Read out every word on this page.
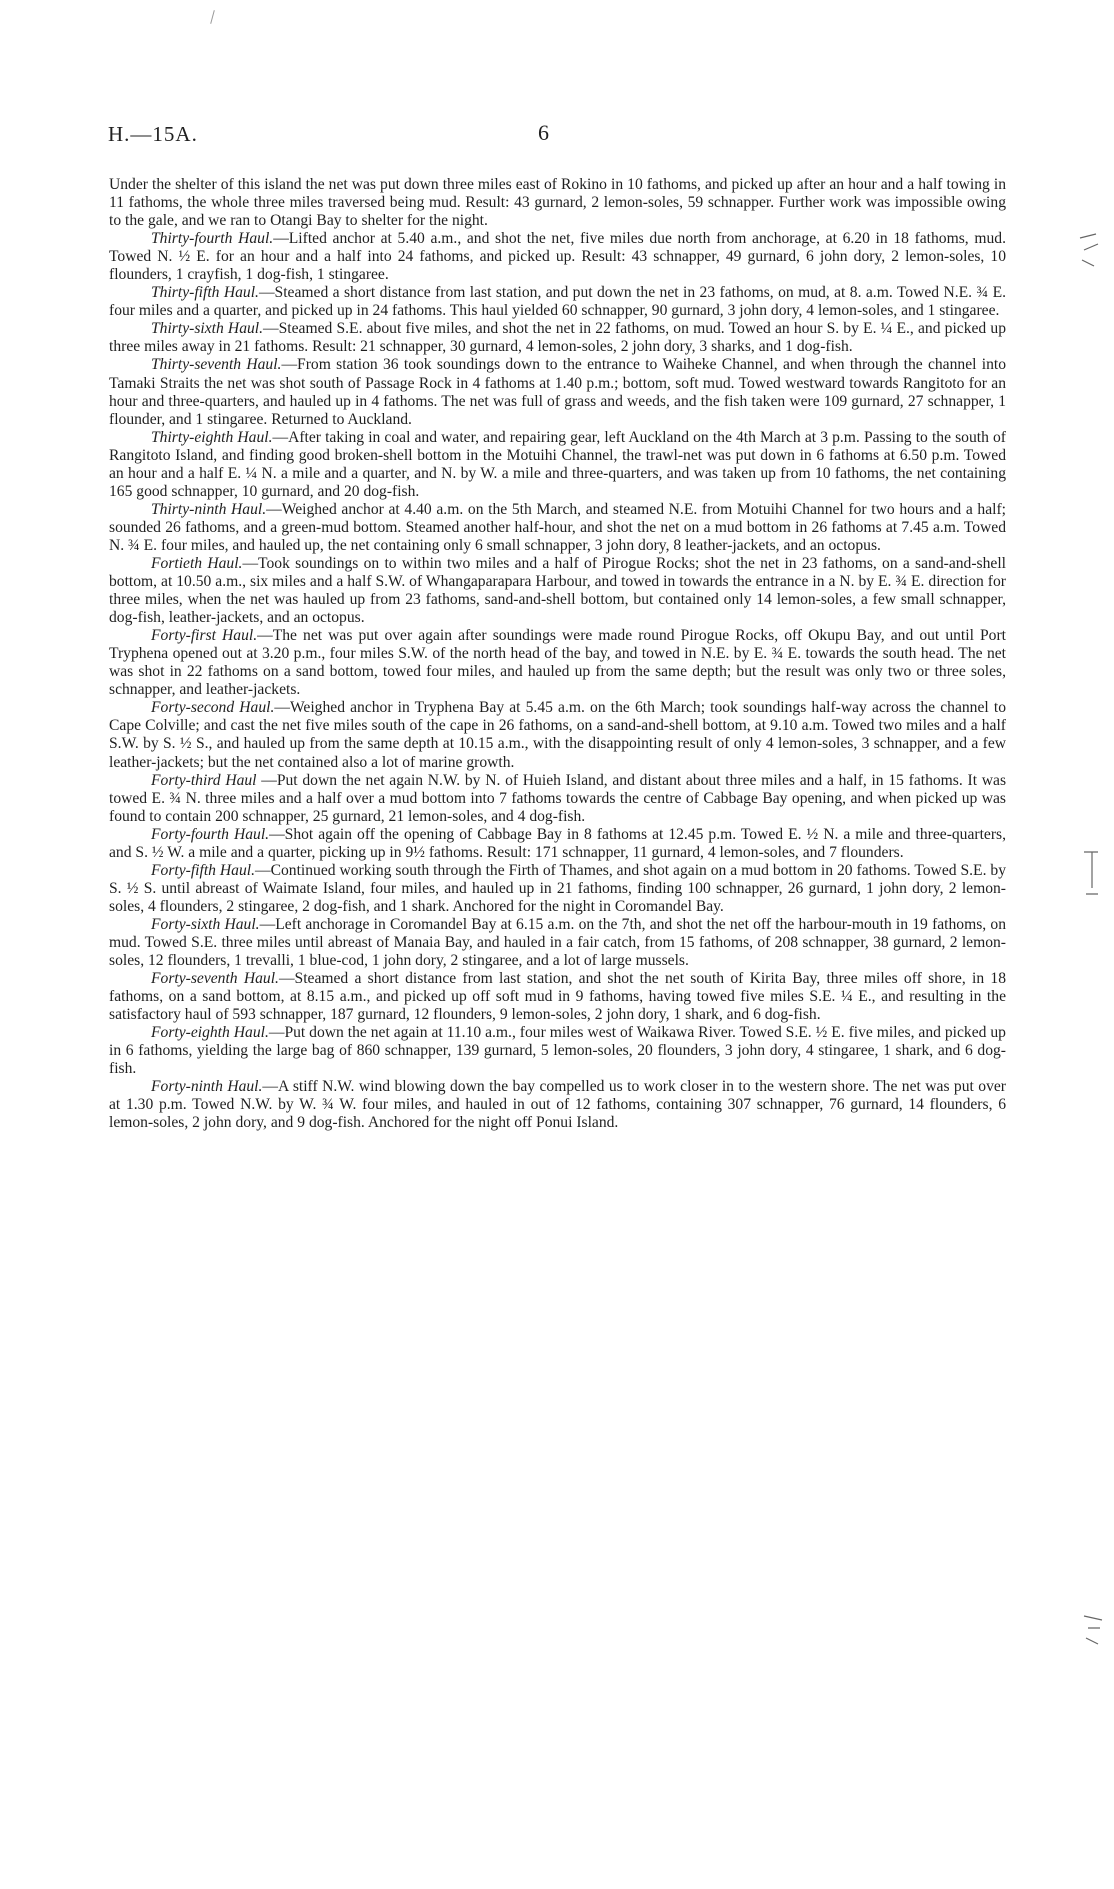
H.—15A.	6

Under the shelter of this island the net was put down three miles east of Rokino in 10 fathoms, and picked up after an hour and a half towing in 11 fathoms, the whole three miles traversed being mud. Result: 43 gurnard, 2 lemon-soles, 59 schnapper. Further work was impossible owing to the gale, and we ran to Otangi Bay to shelter for the night.

Thirty-fourth Haul.—Lifted anchor at 5.40 a.m., and shot the net, five miles due north from anchorage, at 6.20 in 18 fathoms, mud. Towed N. ½ E. for an hour and a half into 24 fathoms, and picked up. Result: 43 schnapper, 49 gurnard, 6 john dory, 2 lemon-soles, 10 flounders, 1 crayfish, 1 dog-fish, 1 stingaree.

Thirty-fifth Haul.—Steamed a short distance from last station, and put down the net in 23 fathoms, on mud, at 8. a.m. Towed N.E. ¾ E. four miles and a quarter, and picked up in 24 fathoms. This haul yielded 60 schnapper, 90 gurnard, 3 john dory, 4 lemon-soles, and 1 stingaree.

Thirty-sixth Haul.—Steamed S.E. about five miles, and shot the net in 22 fathoms, on mud. Towed an hour S. by E. ¼ E., and picked up three miles away in 21 fathoms. Result: 21 schnapper, 30 gurnard, 4 lemon-soles, 2 john dory, 3 sharks, and 1 dog-fish.

Thirty-seventh Haul.—From station 36 took soundings down to the entrance to Waiheke Channel, and when through the channel into Tamaki Straits the net was shot south of Passage Rock in 4 fathoms at 1.40 p.m.; bottom, soft mud. Towed westward towards Rangitoto for an hour and three-quarters, and hauled up in 4 fathoms. The net was full of grass and weeds, and the fish taken were 109 gurnard, 27 schnapper, 1 flounder, and 1 stingaree. Returned to Auckland.

Thirty-eighth Haul.—After taking in coal and water, and repairing gear, left Auckland on the 4th March at 3 p.m. Passing to the south of Rangitoto Island, and finding good broken-shell bottom in the Motuihi Channel, the trawl-net was put down in 6 fathoms at 6.50 p.m. Towed an hour and a half E. ¼ N. a mile and a quarter, and N. by W. a mile and three-quarters, and was taken up from 10 fathoms, the net containing 165 good schnapper, 10 gurnard, and 20 dog-fish.

Thirty-ninth Haul.—Weighed anchor at 4.40 a.m. on the 5th March, and steamed N.E. from Motuihi Channel for two hours and a half; sounded 26 fathoms, and a green-mud bottom. Steamed another half-hour, and shot the net on a mud bottom in 26 fathoms at 7.45 a.m. Towed N. ¾ E. four miles, and hauled up, the net containing only 6 small schnapper, 3 john dory, 8 leather-jackets, and an octopus.

Fortieth Haul.—Took soundings on to within two miles and a half of Pirogue Rocks; shot the net in 23 fathoms, on a sand-and-shell bottom, at 10.50 a.m., six miles and a half S.W. of Whangaparapara Harbour, and towed in towards the entrance in a N. by E. ¾ E. direction for three miles, when the net was hauled up from 23 fathoms, sand-and-shell bottom, but contained only 14 lemon-soles, a few small schnapper, dog-fish, leather-jackets, and an octopus.

Forty-first Haul.—The net was put over again after soundings were made round Pirogue Rocks, off Okupu Bay, and out until Port Tryphena opened out at 3.20 p.m., four miles S.W. of the north head of the bay, and towed in N.E. by E. ¾ E. towards the south head. The net was shot in 22 fathoms on a sand bottom, towed four miles, and hauled up from the same depth; but the result was only two or three soles, schnapper, and leather-jackets.

Forty-second Haul.—Weighed anchor in Tryphena Bay at 5.45 a.m. on the 6th March; took soundings half-way across the channel to Cape Colville; and cast the net five miles south of the cape in 26 fathoms, on a sand-and-shell bottom, at 9.10 a.m. Towed two miles and a half S.W. by S. ½ S., and hauled up from the same depth at 10.15 a.m., with the disappointing result of only 4 lemon-soles, 3 schnapper, and a few leather-jackets; but the net contained also a lot of marine growth.

Forty-third Haul —Put down the net again N.W. by N. of Huieh Island, and distant about three miles and a half, in 15 fathoms. It was towed E. ¾ N. three miles and a half over a mud bottom into 7 fathoms towards the centre of Cabbage Bay opening, and when picked up was found to contain 200 schnapper, 25 gurnard, 21 lemon-soles, and 4 dog-fish.

Forty-fourth Haul.—Shot again off the opening of Cabbage Bay in 8 fathoms at 12.45 p.m. Towed E. ½ N. a mile and three-quarters, and S. ½ W. a mile and a quarter, picking up in 9½ fathoms. Result: 171 schnapper, 11 gurnard, 4 lemon-soles, and 7 flounders.

Forty-fifth Haul.—Continued working south through the Firth of Thames, and shot again on a mud bottom in 20 fathoms. Towed S.E. by S. ½ S. until abreast of Waimate Island, four miles, and hauled up in 21 fathoms, finding 100 schnapper, 26 gurnard, 1 john dory, 2 lemon-soles, 4 flounders, 2 stingaree, 2 dog-fish, and 1 shark. Anchored for the night in Coromandel Bay.

Forty-sixth Haul.—Left anchorage in Coromandel Bay at 6.15 a.m. on the 7th, and shot the net off the harbour-mouth in 19 fathoms, on mud. Towed S.E. three miles until abreast of Manaia Bay, and hauled in a fair catch, from 15 fathoms, of 208 schnapper, 38 gurnard, 2 lemon-soles, 12 flounders, 1 trevalli, 1 blue-cod, 1 john dory, 2 stingaree, and a lot of large mussels.

Forty-seventh Haul.—Steamed a short distance from last station, and shot the net south of Kirita Bay, three miles off shore, in 18 fathoms, on a sand bottom, at 8.15 a.m., and picked up off soft mud in 9 fathoms, having towed five miles S.E. ¼ E., and resulting in the satisfactory haul of 593 schnapper, 187 gurnard, 12 flounders, 9 lemon-soles, 2 john dory, 1 shark, and 6 dog-fish.

Forty-eighth Haul.—Put down the net again at 11.10 a.m., four miles west of Waikawa River. Towed S.E. ½ E. five miles, and picked up in 6 fathoms, yielding the large bag of 860 schnapper, 139 gurnard, 5 lemon-soles, 20 flounders, 3 john dory, 4 stingaree, 1 shark, and 6 dog-fish.

Forty-ninth Haul.—A stiff N.W. wind blowing down the bay compelled us to work closer in to the western shore. The net was put over at 1.30 p.m. Towed N.W. by W. ¾ W. four miles, and hauled in out of 12 fathoms, containing 307 schnapper, 76 gurnard, 14 flounders, 6 lemon-soles, 2 john dory, and 9 dog-fish. Anchored for the night off Ponui Island.
